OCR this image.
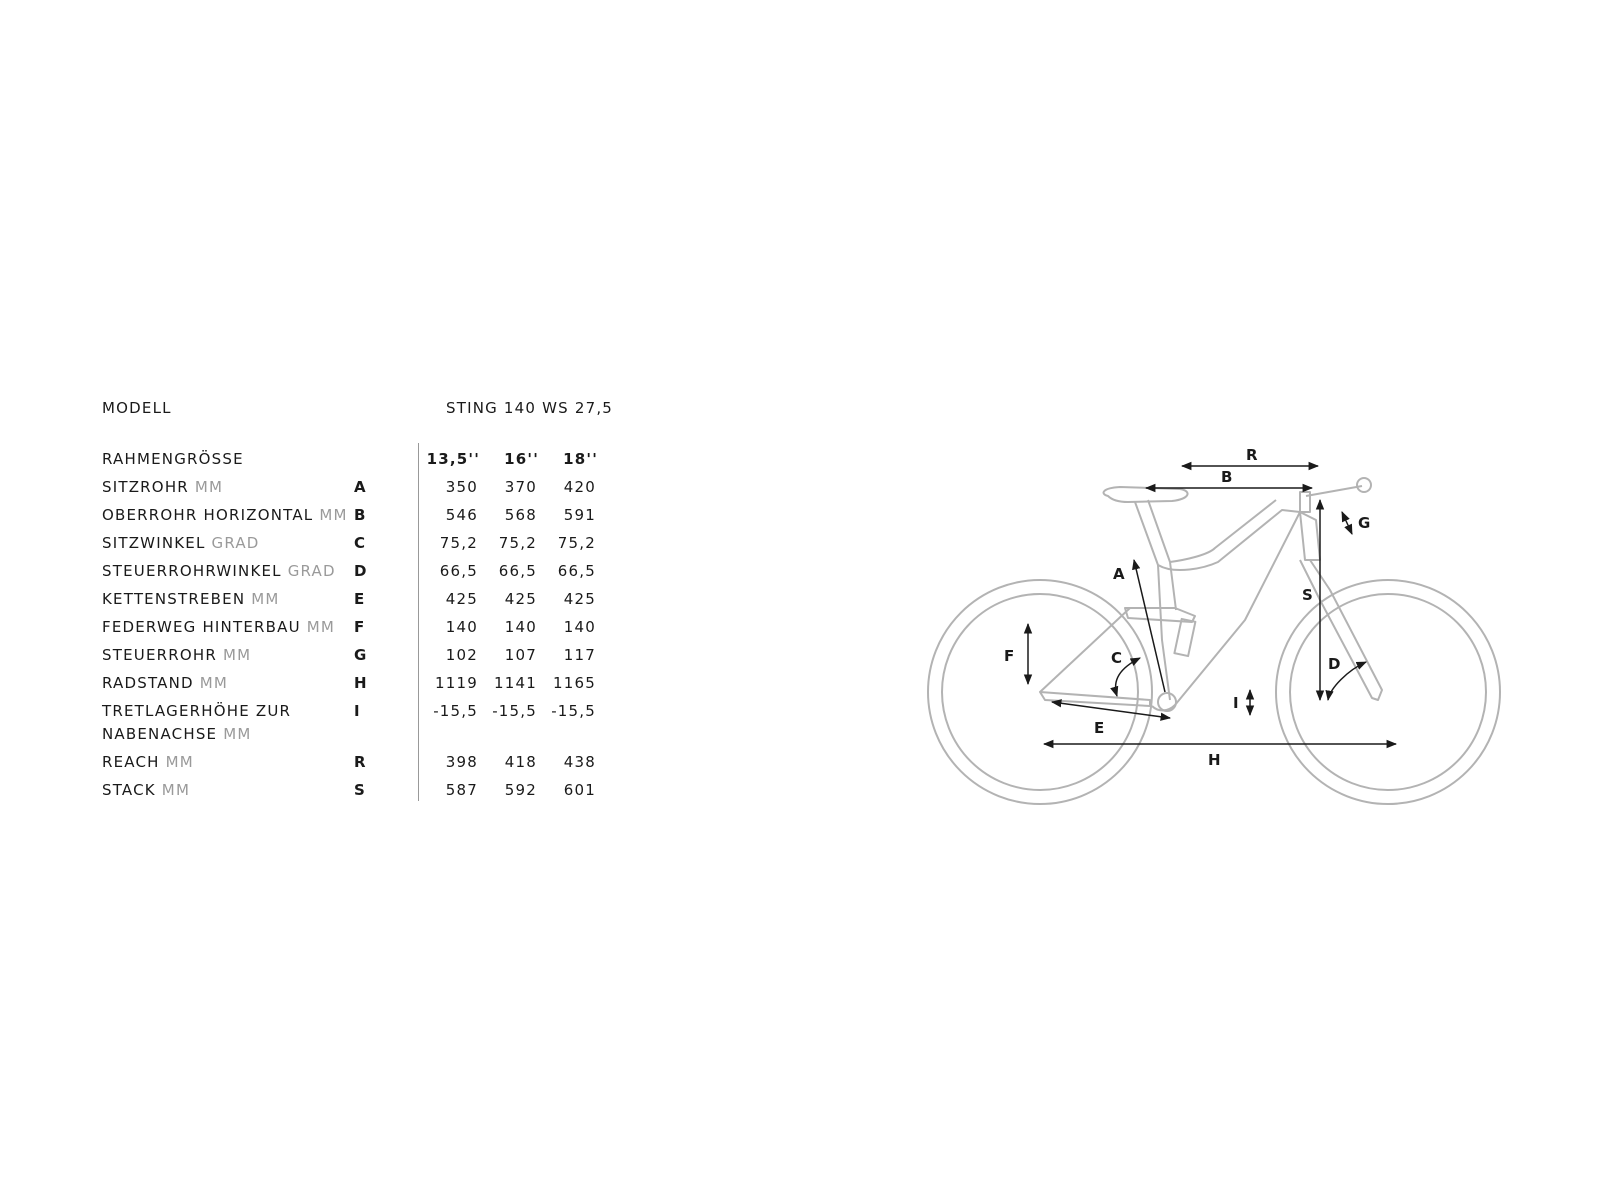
MODELL	STING 140 WS 27,5
RAHMENGRÖSSE	13,5''	16''	18''
SITZROHR MM	A	350	370	420
OBERROHR HORIZONTAL MM B	546	568	591
SITZWINKEL GRAD	C	75,2	75,2	75,2
STEUERROHRWINKEL GRAD D	66,5	66,5	66,5
KETTENSTREBEN MM	E	425	425	425
FEDERWEG HINTERBAU MM F	140	140	140
STEUERROHR MM	G	102	107	117
RADSTAND MM	H	1119	1141	1165
TRETLAGERHÖHE ZUR
NABENACHSE MM
I	-15,5 -15,5 -15,5
REACH MM	R	398	418	438
STACK MM	S	587	592	601
R
B
G
A
S
F	C	D
I
E
H
